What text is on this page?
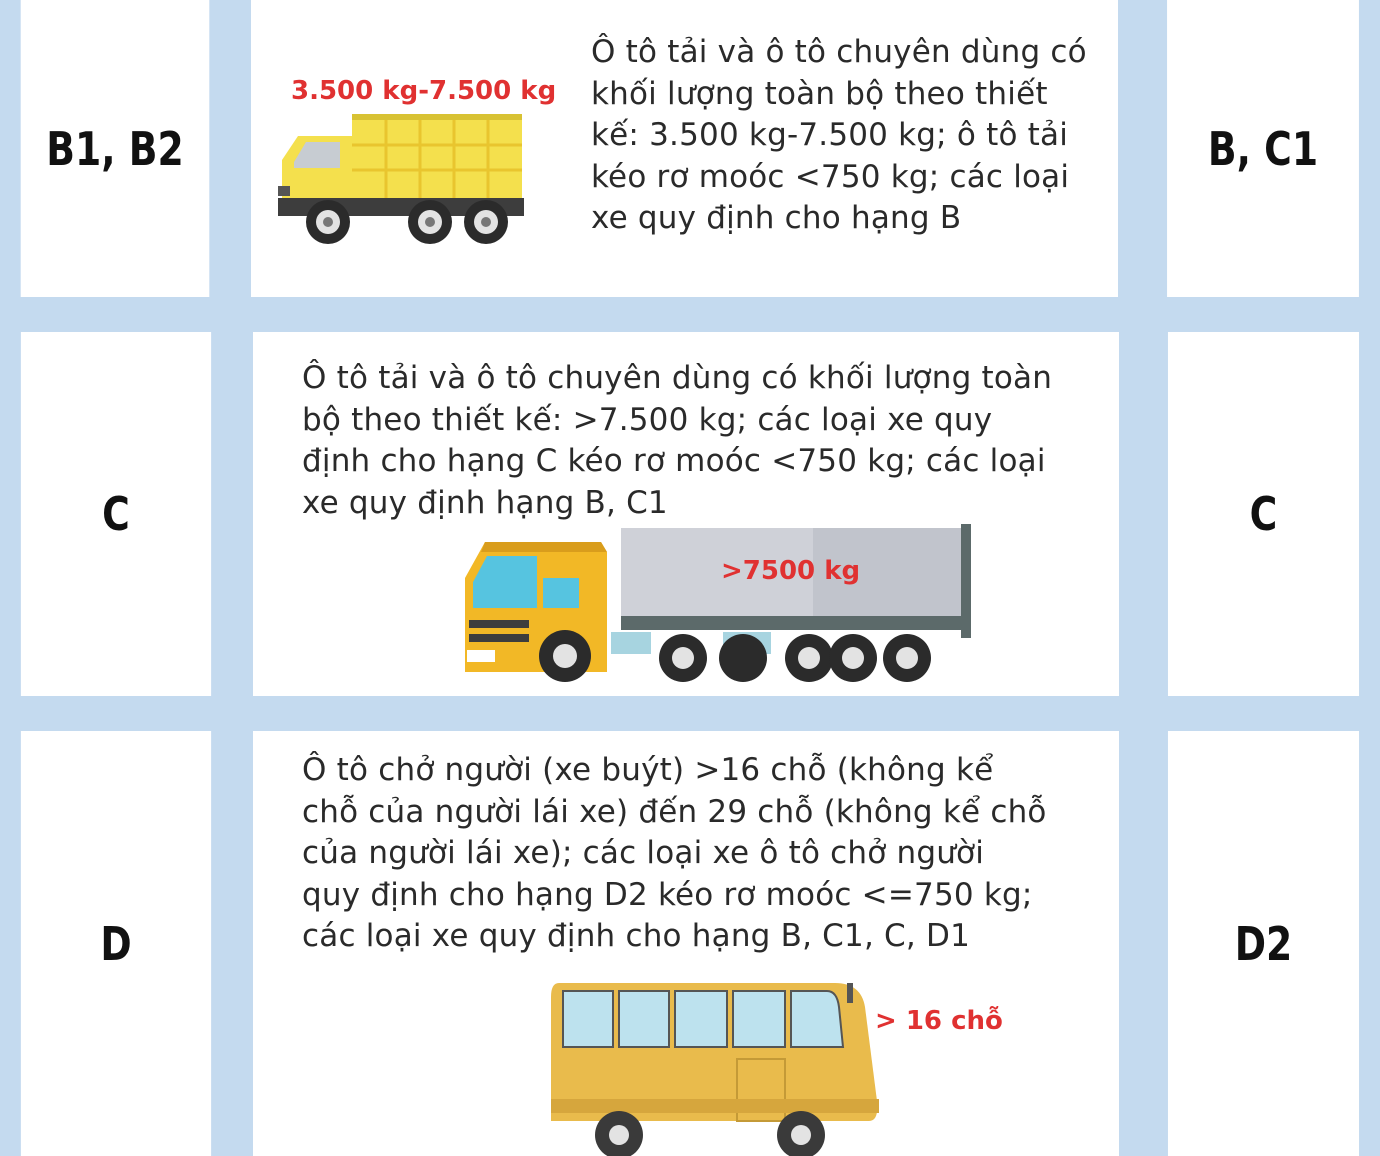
B1, B2
3.500 kg-7.500 kg

Ô tô tải và ô tô chuyên dùng có khối lượng toàn bộ theo thiết kế: 3.500 kg-7.500 kg; ô tô tải kéo rơ moóc <750 kg; các loại xe quy định cho hạng B

B, C1
C

Ô tô tải và ô tô chuyên dùng có khối lượng toàn bộ theo thiết kế: >7.500 kg; các loại xe quy định cho hạng C kéo rơ moóc <750 kg; các loại xe quy định hạng B, C1

>7500 kg
C
D

Ô tô chở người (xe buýt) >16 chỗ (không kể chỗ của người lái xe) đến 29 chỗ (không kể chỗ của người lái xe); các loại xe ô tô chở người quy định cho hạng D2 kéo rơ moóc <=750 kg; các loại xe quy định cho hạng B, C1, C, D1

> 16 chỗ
D2
